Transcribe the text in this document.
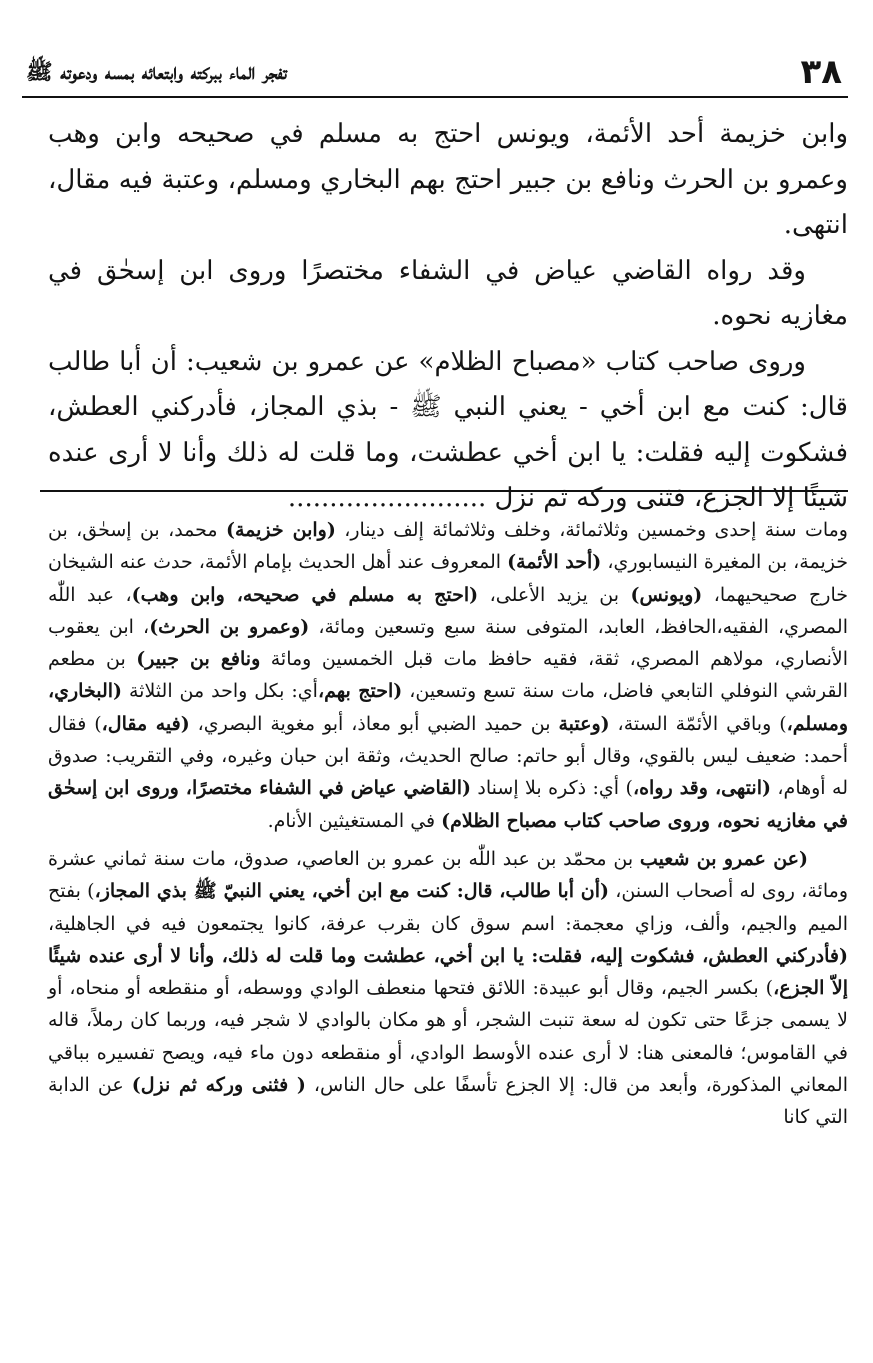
٣٨
تفجر الماء ببركته وابتعائه بمسه ودعوته ﷺ

وابن خزيمة أحد الأئمة، ويونس احتج به مسلم في صحيحه وابن وهب وعمرو بن الحرث ونافع بن جبير احتج بهم البخاري ومسلم، وعتبة فيه مقال، انتهى.

وقد رواه القاضي عياض في الشفاء مختصرًا وروى ابن إسحٰق في مغازيه نحوه.

وروى صاحب كتاب «مصباح الظلام» عن عمرو بن شعيب: أن أبا طالب قال: كنت مع ابن أخي - يعني النبي ﷺ - بذي المجاز، فأدركني العطش، فشكوت إليه فقلت: يا ابن أخي عطشت، وما قلت له ذلك وأنا لا أرى عنده شيئًا إلا الجزع، فثنى وركه ثم نزل ........................

ومات سنة إحدى وخمسين وثلاثمائة، وخلف وثلاثمائة إلف دينار، (وابن خزيمة) محمد، بن إسحٰق، بن خزيمة، بن المغيرة النيسابوري، (أحد الأئمة) المعروف عند أهل الحديث بإمام الأئمة، حدث عنه الشيخان خارج صحيحيهما، (ويونس) بن يزيد الأعلى، (احتج به مسلم في صحيحه، وابن وهب)، عبد اللّٰه المصري، الفقيه،الحافظ، العابد، المتوفى سنة سبع وتسعين ومائة، (وعمرو بن الحرث)، ابن يعقوب الأنصاري، مولاهم المصري، ثقة، فقيه حافظ مات قبل الخمسين ومائة ونافع بن جبير) بن مطعم القرشي النوفلي التابعي فاضل، مات سنة تسع وتسعين، (احتج بهم،أي: بكل واحد من الثلاثة (البخاري، ومسلم،) وباقي الأئمّة الستة، (وعتبة بن حميد الضبي أبو معاذ، أبو مغوية البصري، (فيه مقال،) فقال أحمد: ضعيف ليس بالقوي، وقال أبو حاتم: صالح الحديث، وثقة ابن حبان وغيره، وفي التقريب: صدوق له أوهام، (انتهى، وقد رواه،) أي: ذكره بلا إسناد (القاضي عياض في الشفاء مختصرًا، وروى ابن إسحٰق في مغازيه نحوه، وروى صاحب كتاب مصباح الظلام) في المستغيثين الأنام.

(عن عمرو بن شعيب بن محمّد بن عبد اللّٰه بن عمرو بن العاصي، صدوق، مات سنة ثماني عشرة ومائة، روى له أصحاب السنن، (أن أبا طالب، قال: كنت مع ابن أخي، يعني النبيّ ﷺ بذي المجاز،) بفتح الميم والجيم، وألف، وزاي معجمة: اسم سوق كان بقرب عرفة، كانوا يجتمعون فيه في الجاهلية، (فأدركني العطش، فشكوت إليه، فقلت: يا ابن أخي، عطشت وما قلت له ذلك، وأنا لا أرى عنده شيئًا إلاّ الجزع،) بكسر الجيم، وقال أبو عبيدة: اللائق فتحها منعطف الوادي ووسطه، أو منقطعه أو منحاه، أو لا يسمى جزعًا حتى تكون له سعة تنبت الشجر، أو هو مكان بالوادي لا شجر فيه، وربما كان رملاً، قاله في القاموس؛ فالمعنى هنا: لا أرى عنده الأوسط الوادي، أو منقطعه دون ماء فيه، ويصح تفسيره بباقي المعاني المذكورة، وأبعد من قال: إلا الجزع تأسفًا على حال الناس، ( فثنى وركه ثم نزل) عن الدابة التي كانا
